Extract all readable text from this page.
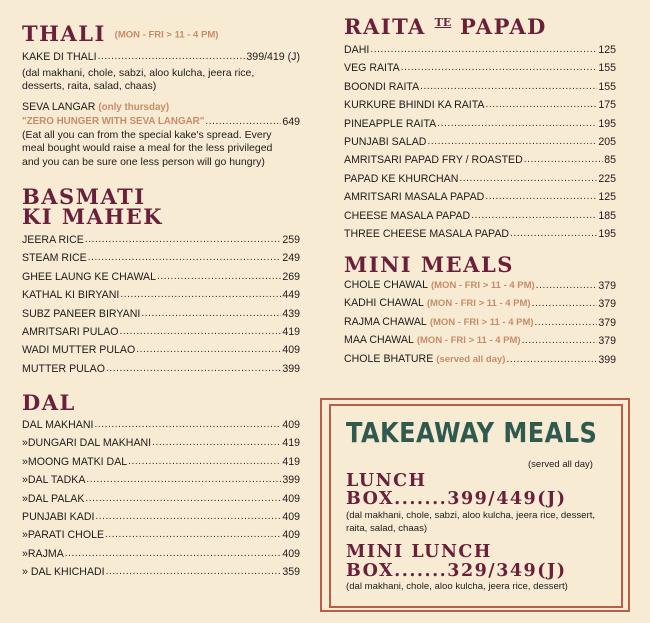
THALI (MON - FRI > 11 - 4 PM)
KAKE DI THALI .....	399/419 (J)
(dal makhani, chole, sabzi, aloo kulcha, jeera rice, desserts, raita, salad, chaas)
SEVA LANGAR (only thursday)
"ZERO HUNGER WITH SEVA LANGAR" .....	649
(Eat all you can from the special kake's spread. Every meal bought would raise a meal for the less privileged and you can be sure one less person will go hungry)
BASMATI
KI MAHEK
JEERA RICE .....	259
STEAM RICE .....	249
GHEE LAUNG KE CHAWAL .....	269
KATHAL KI BIRYANI .....	449
SUBZ PANEER BIRYANI .....	439
AMRITSARI PULAO .....	419
WADI MUTTER PULAO .....	409
MUTTER PULAO .....	399
DAL
DAL MAKHANI .....	409
»DUNGARI DAL MAKHANI .....	419
»MOONG MATKI DAL .....	419
»DAL TADKA .....	399
»DAL PALAK .....	409
PUNJABI KADI .....	409
»PARATI CHOLE .....	409
»RAJMA .....	409
» DAL KHICHADI .....	359
RAITA $^{TE}$ PAPAD
DAHI .....	125
VEG RAITA .....	155
BOONDI RAITA .....	155
KURKURE BHINDI KA RAITA .....	175
PINEAPPLE RAITA .....	195
PUNJABI SALAD .....	205
AMRITSARI PAPAD FRY / ROASTED .....	85
PAPAD KE KHURCHAN .....	225
AMRITSARI MASALA PAPAD .....	125
CHEESE MASALA PAPAD .....	185
THREE CHEESE MASALA PAPAD .....	195
MINI MEALS
CHOLE CHAWAL (MON - FRI > 11 - 4 PM) .....	379
KADHI CHAWAL (MON - FRI > 11 - 4 PM) .....	379
RAJMA CHAWAL (MON - FRI > 11 - 4 PM) .....	379
MAA CHAWAL (MON - FRI > 11 - 4 PM) .....	379
CHOLE BHATURE (served all day) .....	399
TAKEAWAY MEALS
(served all day)
LUNCH
BOX.......399/449(J)
(dal makhani, chole, sabzi, aloo kulcha, jeera rice, dessert, raita, salad, chaas)
MINI LUNCH
BOX.......329/349(J)
(dal makhani, chole, aloo kulcha, jeera rice, dessert)
